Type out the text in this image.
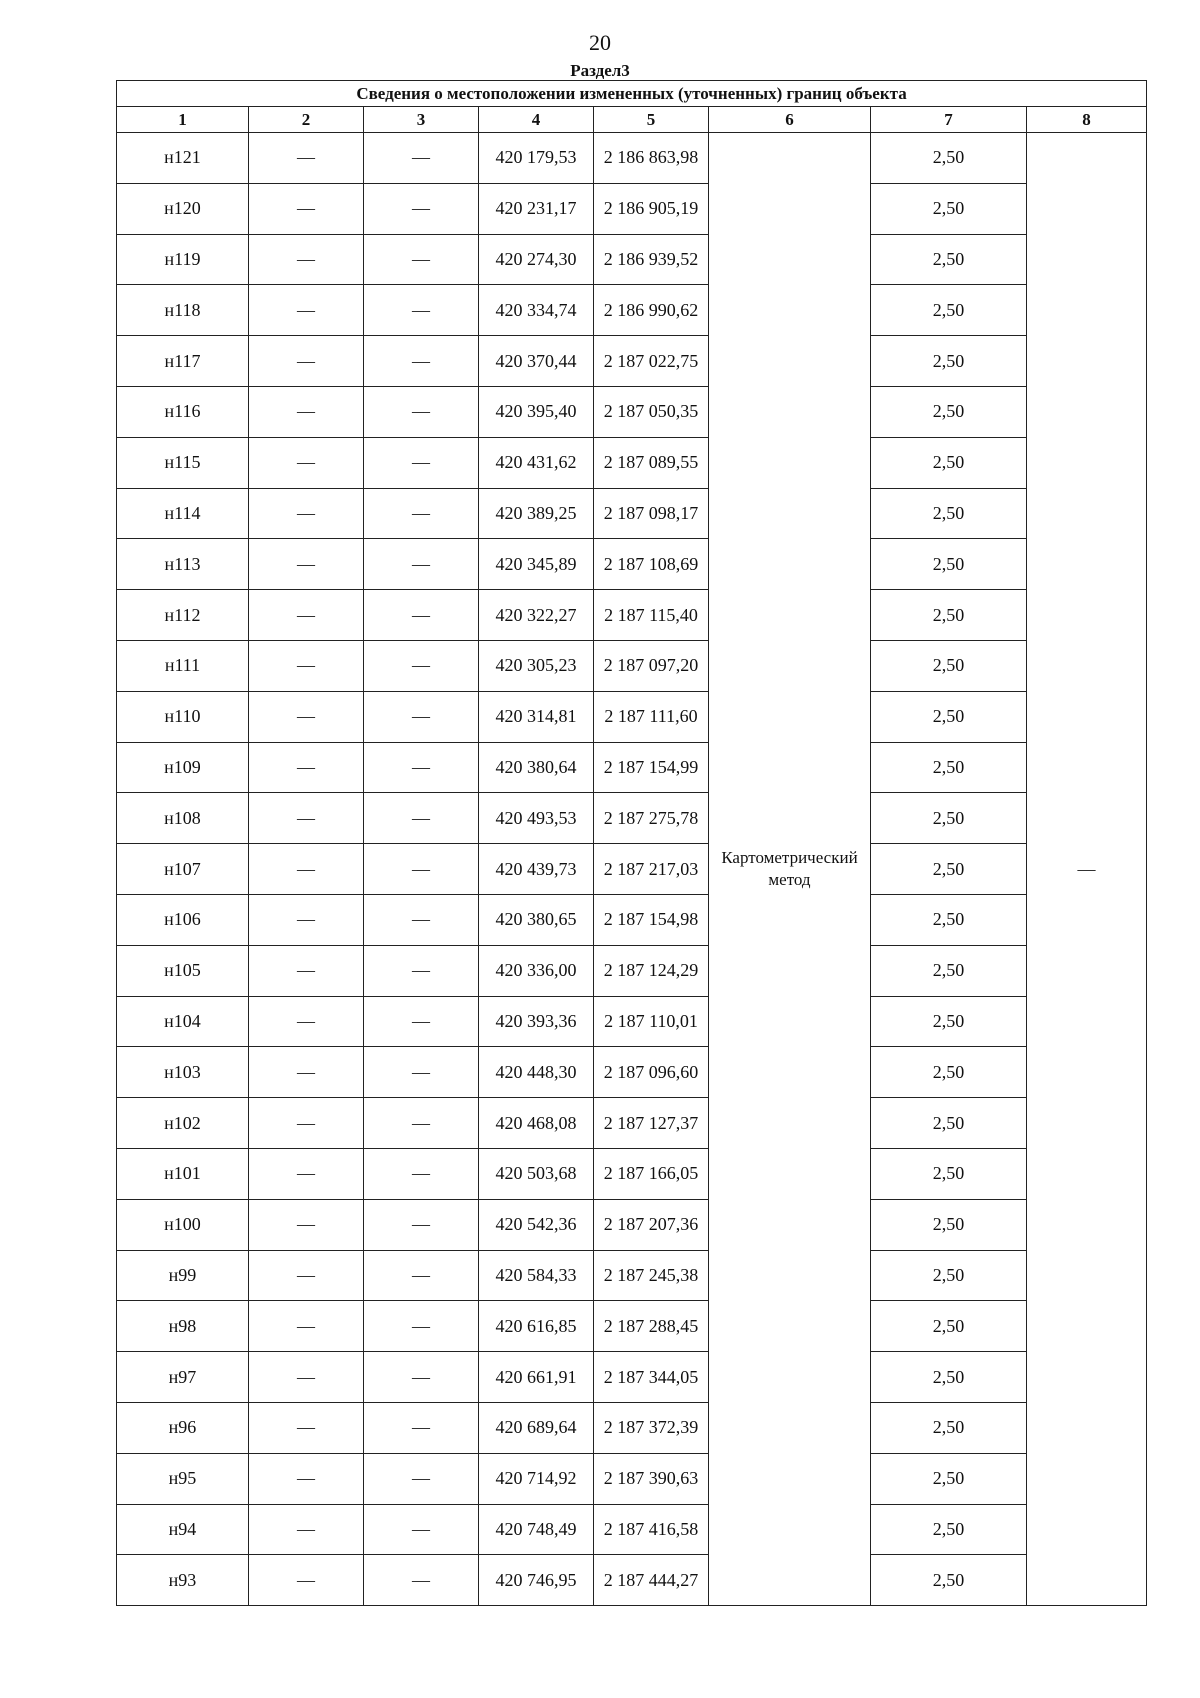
20
Раздел3
Сведения о местоположении измененных (уточненных) границ объекта							
1	2	3	4	5	6	7	8
н121	—	—	420 179,53	2 186 863,98	Картометрический метод	2,50	—
н120	—	—	420 231,17	2 186 905,19		2,50	
н119	—	—	420 274,30	2 186 939,52		2,50	
н118	—	—	420 334,74	2 186 990,62		2,50	
н117	—	—	420 370,44	2 187 022,75		2,50	
н116	—	—	420 395,40	2 187 050,35		2,50	
н115	—	—	420 431,62	2 187 089,55		2,50	
н114	—	—	420 389,25	2 187 098,17		2,50	
н113	—	—	420 345,89	2 187 108,69		2,50	
н112	—	—	420 322,27	2 187 115,40		2,50	
н111	—	—	420 305,23	2 187 097,20		2,50	
н110	—	—	420 314,81	2 187 111,60		2,50	
н109	—	—	420 380,64	2 187 154,99		2,50	
н108	—	—	420 493,53	2 187 275,78		2,50	
н107	—	—	420 439,73	2 187 217,03		2,50	
н106	—	—	420 380,65	2 187 154,98		2,50	
н105	—	—	420 336,00	2 187 124,29		2,50	
н104	—	—	420 393,36	2 187 110,01		2,50	
н103	—	—	420 448,30	2 187 096,60		2,50	
н102	—	—	420 468,08	2 187 127,37		2,50	
н101	—	—	420 503,68	2 187 166,05		2,50	
н100	—	—	420 542,36	2 187 207,36		2,50	
н99	—	—	420 584,33	2 187 245,38		2,50	
н98	—	—	420 616,85	2 187 288,45		2,50	
н97	—	—	420 661,91	2 187 344,05		2,50	
н96	—	—	420 689,64	2 187 372,39		2,50	
н95	—	—	420 714,92	2 187 390,63		2,50	
н94	—	—	420 748,49	2 187 416,58		2,50	
н93	—	—	420 746,95	2 187 444,27		2,50	
